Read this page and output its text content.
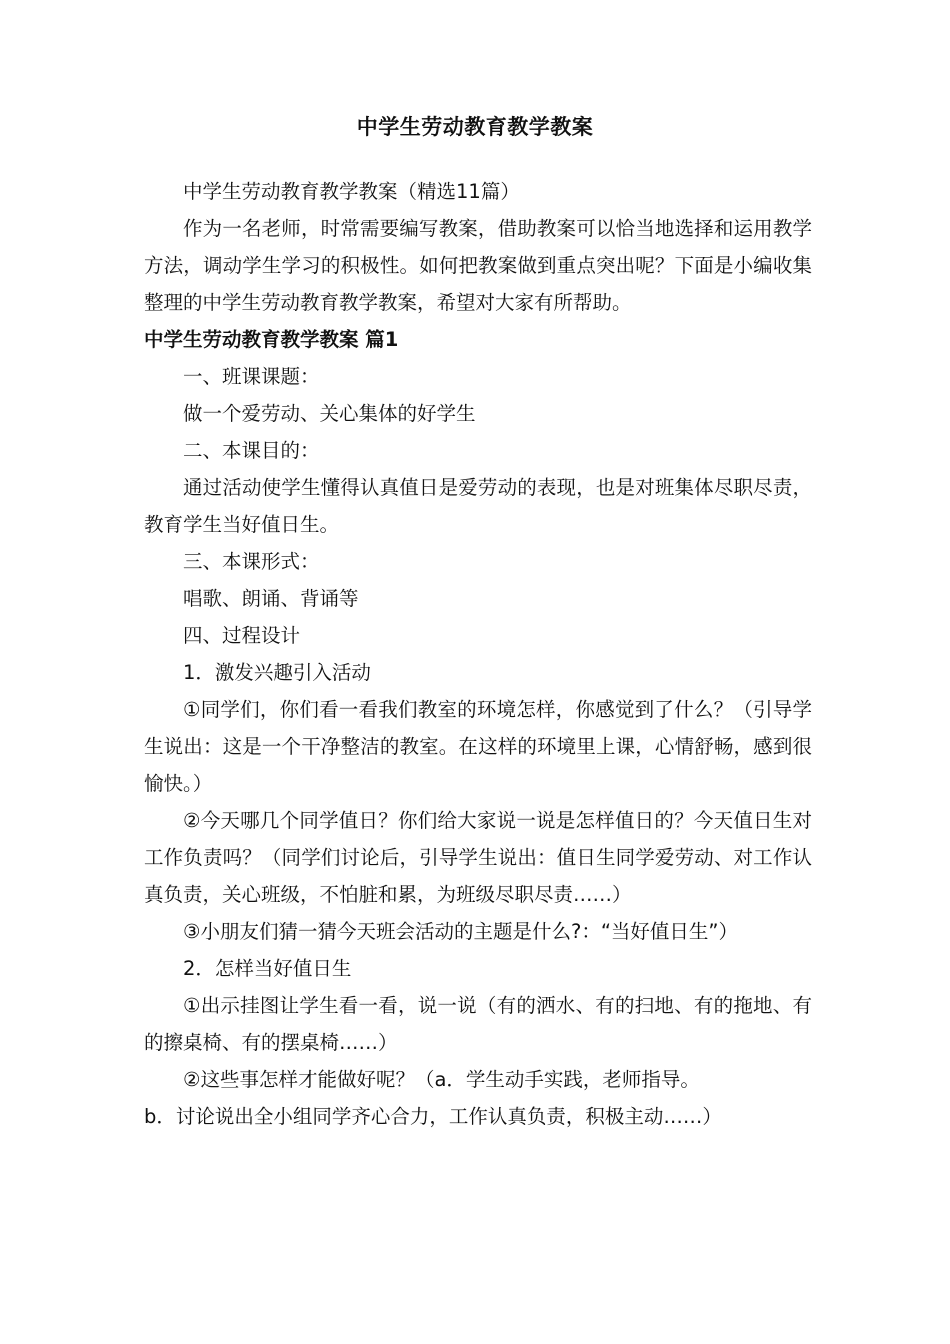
中学生劳动教育教学教案

中学生劳动教育教学教案（精选11篇）

作为一名老师，时常需要编写教案，借助教案可以恰当地选择和运用教学方法，调动学生学习的积极性。如何把教案做到重点突出呢？下面是小编收集整理的中学生劳动教育教学教案，希望对大家有所帮助。

中学生劳动教育教学教案 篇1

一、班课课题：

做一个爱劳动、关心集体的好学生

二、本课目的：

通过活动使学生懂得认真值日是爱劳动的表现，也是对班集体尽职尽责，教育学生当好值日生。

三、本课形式：

唱歌、朗诵、背诵等

四、过程设计

1．激发兴趣引入活动

①同学们，你们看一看我们教室的环境怎样，你感觉到了什么？（引导学生说出：这是一个干净整洁的教室。在这样的环境里上课，心情舒畅，感到很愉快。）

②今天哪几个同学值日？你们给大家说一说是怎样值日的？今天值日生对工作负责吗？（同学们讨论后，引导学生说出：值日生同学爱劳动、对工作认真负责，关心班级，不怕脏和累，为班级尽职尽责……）

③小朋友们猜一猜今天班会活动的主题是什么?：“当好值日生”）

2．怎样当好值日生

①出示挂图让学生看一看，说一说（有的洒水、有的扫地、有的拖地、有的擦桌椅、有的摆桌椅……）

②这些事怎样才能做好呢？（a．学生动手实践，老师指导。

b．讨论说出全小组同学齐心合力，工作认真负责，积极主动……）
